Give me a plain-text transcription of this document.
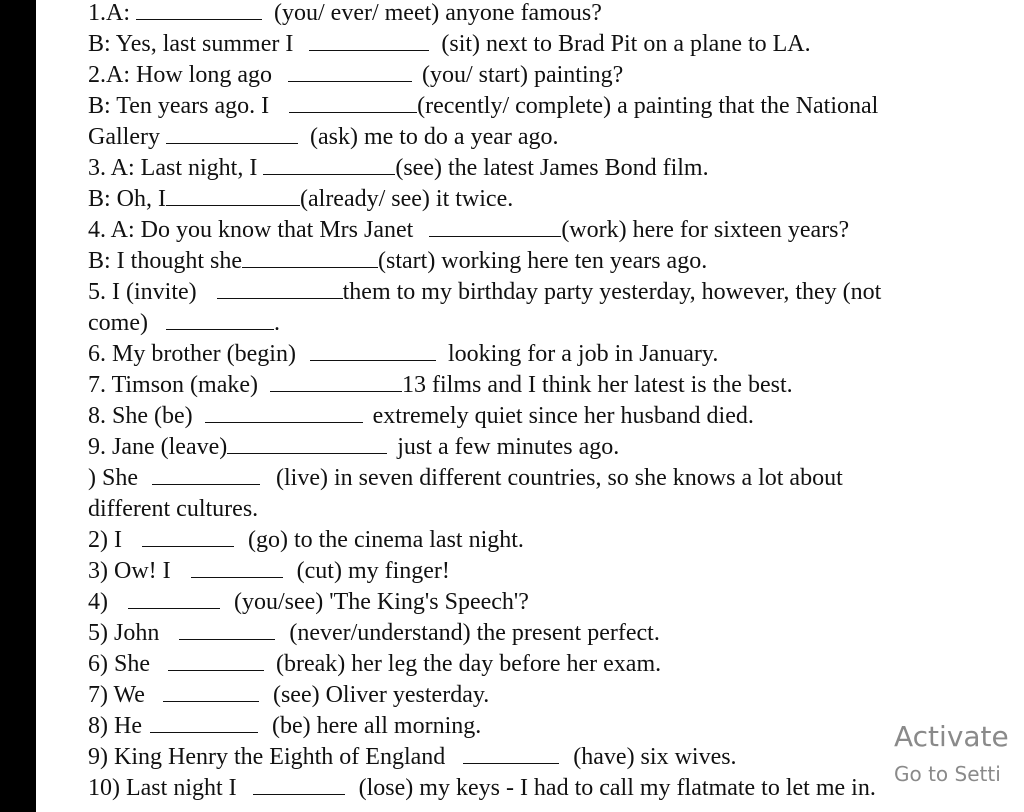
1.A:	(you/ ever/ meet) anyone famous?
B: Yes, last summer I	(sit) next to Brad Pit on a plane to LA.
2.A: How long ago	(you/ start) painting?
B: Ten years ago. I	(recently/ complete) a painting that the National
Gallery	(ask) me to do a year ago.
3. A: Last night, I	(see) the latest James Bond film.
B: Oh, I	(already/ see) it twice.
4. A: Do you know that Mrs Janet	(work) here for sixteen years?
B: I thought she	(start) working here ten years ago.
5. I (invite)	them to my birthday party yesterday, however, they (not
come)	.
6. My brother (begin)	looking for a job in January.
7. Timson (make)	13 films and I think her latest is the best.
8. She (be)	extremely quiet since her husband died.
9. Jane (leave)	just a few minutes ago.
) She	(live) in seven different countries, so she knows a lot about
different cultures.
2) I	(go) to the cinema last night.
3) Ow! I	(cut) my finger!
4)	(you/see) 'The King's Speech'?
5) John	(never/understand) the present perfect.
6) She	(break) her leg the day before her exam.
7) We	(see) Oliver yesterday.
8) He	(be) here all morning.
9) King Henry the Eighth of England	(have) six wives.
10) Last night I	(lose) my keys - I had to call my flatmate to let me in.
Activate
Go to Setti
